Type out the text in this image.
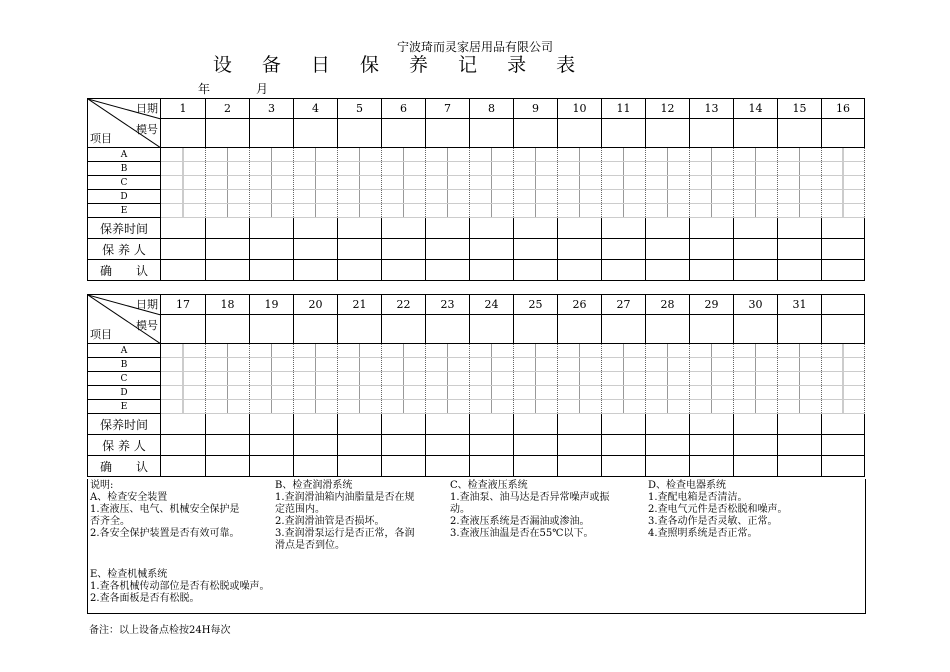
宁波琦而灵家居用品有限公司
设 备 日 保 养 记 录 表
年	月
日期
模号
项目	1	2	3	4	5	6	7	8	9	10	11	12	13	14	15	16

A																
B																
C																
D																
E																
保养时间																
保 养 人																
确　　认																
日期
模号
项目	17	18	19	20	21	22	23	24	25	26	27	28	29	30	31	

A																
B																
C																
D																
E																
保养时间																
保 养 人																
确　　认																
说明:
A、检查安全装置
1.查液压、电气、机械安全保护是
否齐全。
2.各安全保护装置是否有效可靠。
B、检查润滑系统
1.查润滑油箱内油脂量是否在规
定范围内。
2.查润滑油管是否损坏。
3.查润滑泵运行是否正常，各润
滑点是否到位。
C、检查液压系统
1.查油泵、油马达是否异常噪声或振
动。
2.查液压系统是否漏油或渗油。
3.查液压油温是否在55℃以下。
D、检查电器系统
1.查配电箱是否清洁。
2.查电气元件是否松脱和噪声。
3.查各动作是否灵敏、正常。
4.查照明系统是否正常。
E、检查机械系统
1.查各机械传动部位是否有松脱或噪声。
2.查各面板是否有松脱。
备注：以上设备点检按24H每次
